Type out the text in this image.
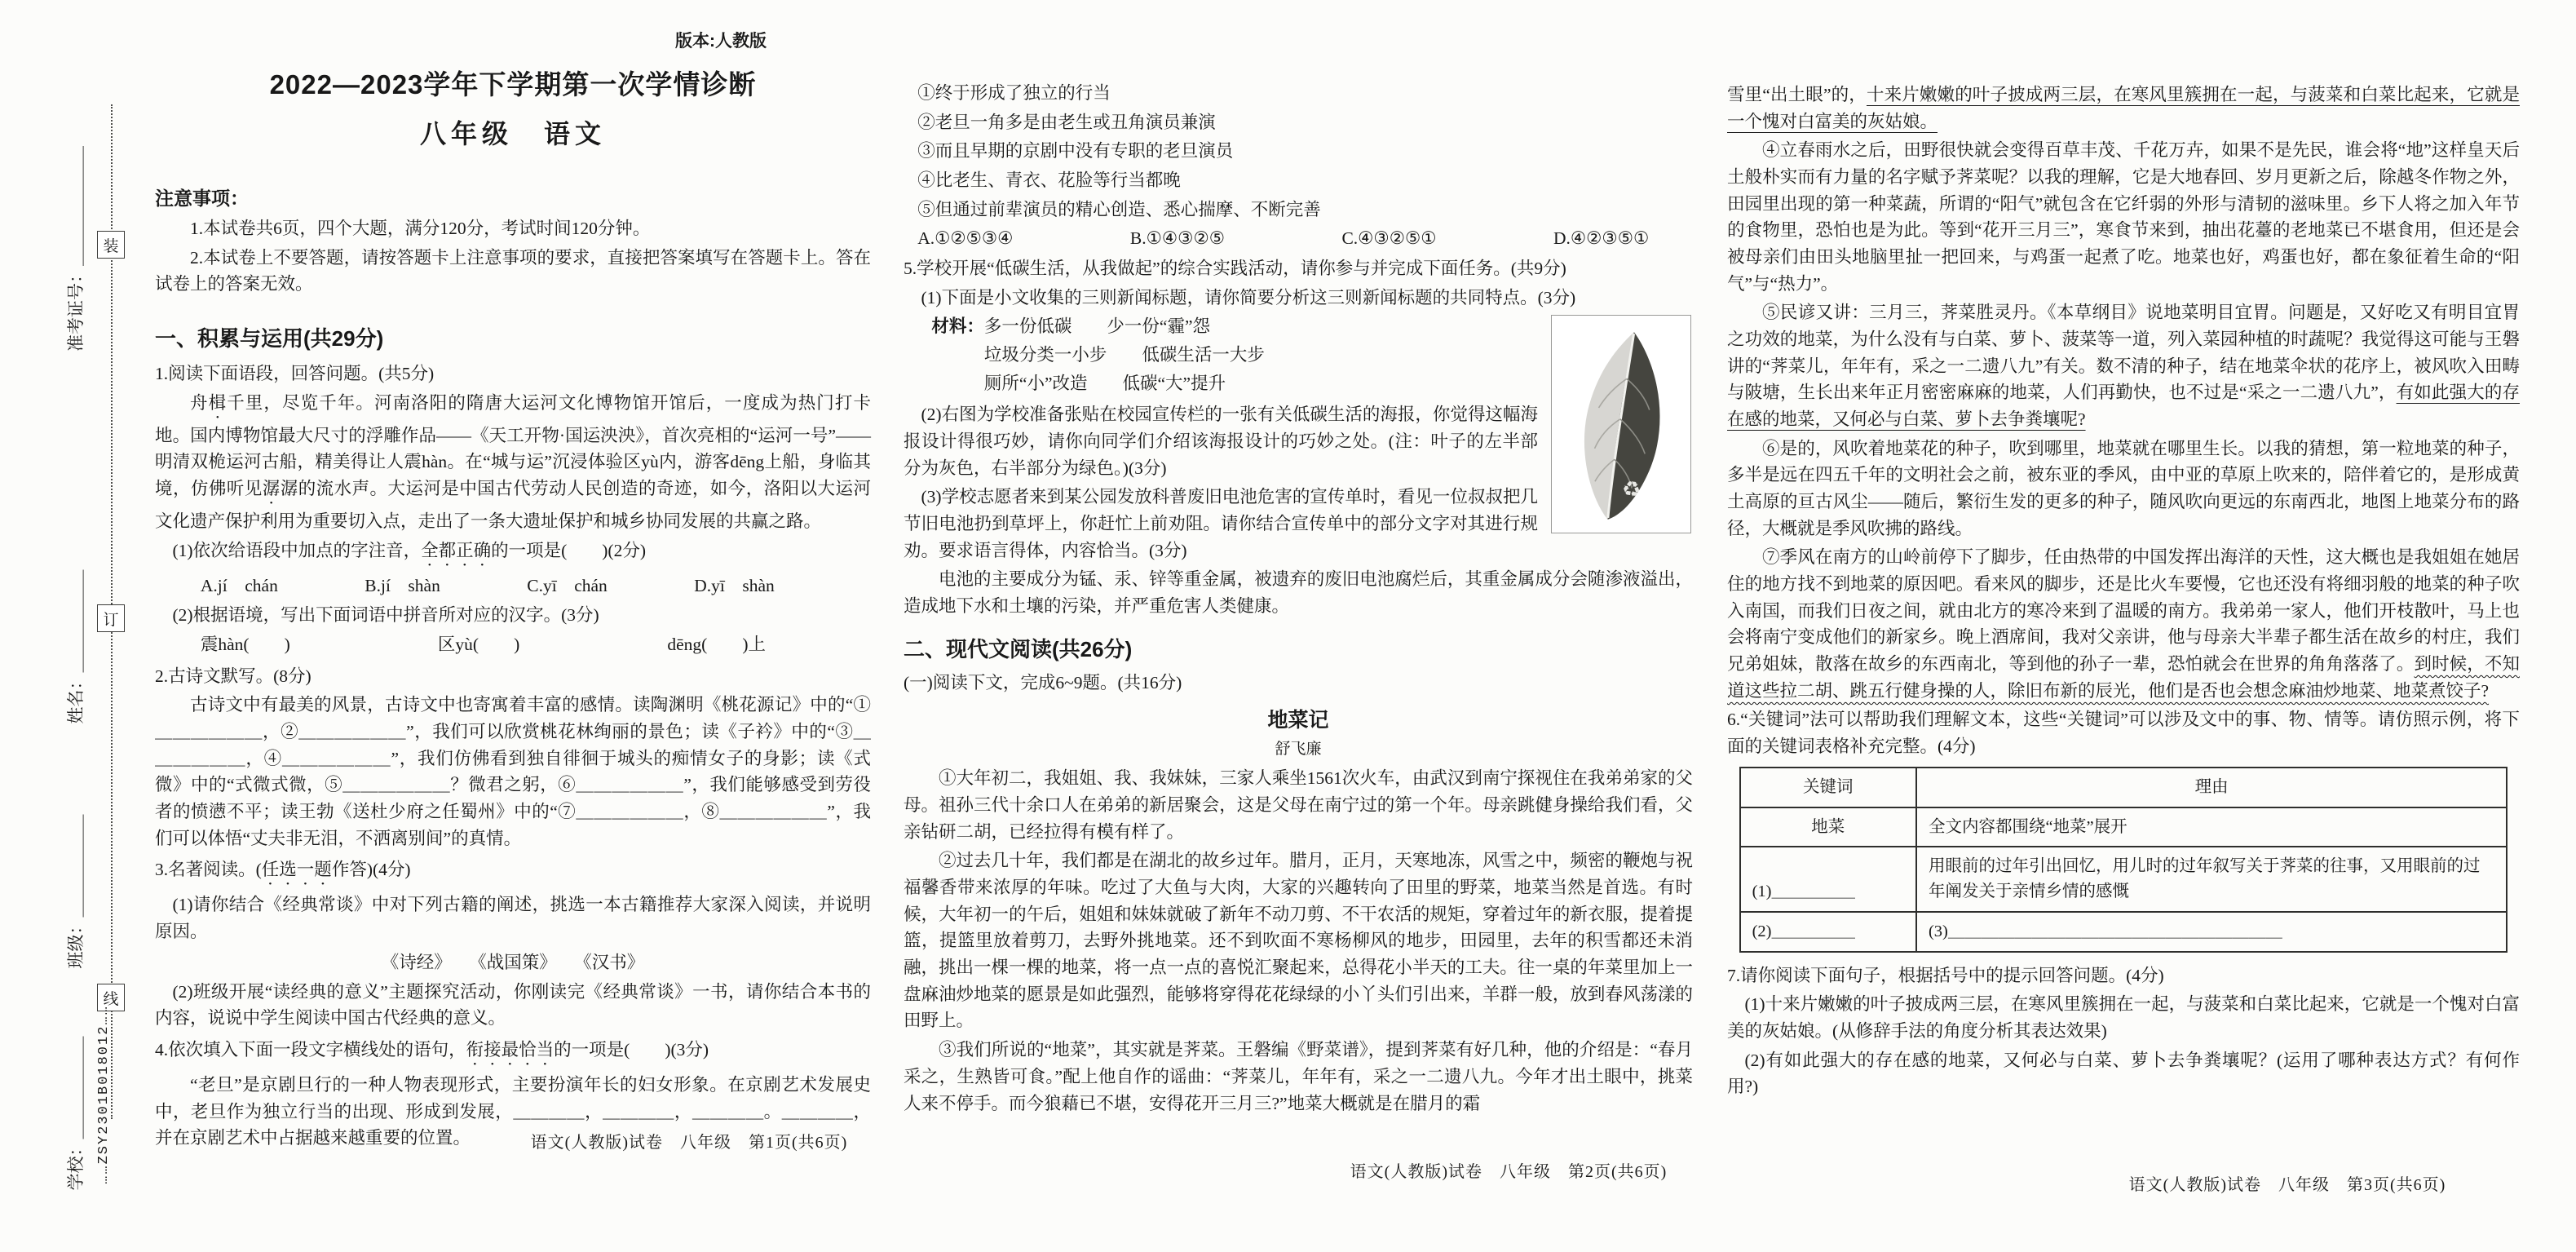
装
订
线
准考证号：＿＿＿＿＿＿＿
姓名：＿＿＿＿＿＿
班级：＿＿＿＿＿＿
学校：＿＿＿＿＿＿ ……ZSY2301B018012……
版本:人教版
2022—2023学年下学期第一次学情诊断
八年级　语文
注意事项：

1.本试卷共6页，四个大题，满分120分，考试时间120分钟。

2.本试卷上不要答题，请按答题卡上注意事项的要求，直接把答案填写在答题卡上。答在试卷上的答案无效。

一、积累与运用(共29分)

1.阅读下面语段，回答问题。(共5分)

舟楫千里，尽览千年。河南洛阳的隋唐大运河文化博物馆开馆后，一度成为热门打卡地。国内博物馆最大尺寸的浮雕作品——《天工开物·国运泱泱》，首次亮相的“运河一号”——明清双桅运河古船，精美得让人震hàn。在“城与运”沉浸体验区yù内，游客dēng上船，身临其境，仿佛听见潺潺的流水声。大运河是中国古代劳动人民创造的奇迹，如今，洛阳以大运河文化遗产保护利用为重要切入点，走出了一条大遗址保护和城乡协同发展的共赢之路。

(1)依次给语段中加点的字注音，全都正确的一项是(　　)(2分)

A.jí　chán	B.jí　shàn	C.yī　chán	D.yī　shàn

(2)根据语境，写出下面词语中拼音所对应的汉字。(3分)

震hàn(　　)	区yù(　　)	dēng(　　)上

2.古诗文默写。(8分)

古诗文中有最美的风景，古诗文中也寄寓着丰富的感情。读陶渊明《桃花源记》中的“①＿＿＿＿＿＿，②＿＿＿＿＿＿”，我们可以欣赏桃花林绚丽的景色；读《子衿》中的“③＿＿＿＿＿＿，④＿＿＿＿＿＿”，我们仿佛看到独自徘徊于城头的痴情女子的身影；读《式微》中的“式微式微，⑤＿＿＿＿＿＿？微君之躬，⑥＿＿＿＿＿＿”，我们能够感受到劳役者的愤懑不平；读王勃《送杜少府之任蜀州》中的“⑦＿＿＿＿＿＿，⑧＿＿＿＿＿＿”，我们可以体悟“丈夫非无泪，不洒离别间”的真情。

3.名著阅读。(任选一题作答)(4分)

(1)请你结合《经典常谈》中对下列古籍的阐述，挑选一本古籍推荐大家深入阅读，并说明原因。

《诗经》　　《战国策》　　《汉书》

(2)班级开展“读经典的意义”主题探究活动，你刚读完《经典常谈》一书，请你结合本书的内容，说说中学生阅读中国古代经典的意义。

4.依次填入下面一段文字横线处的语句，衔接最恰当的一项是(　　)(3分)

“老旦”是京剧旦行的一种人物表现形式，主要扮演年长的妇女形象。在京剧艺术发展史中，老旦作为独立行当的出现、形成到发展，＿＿＿＿，＿＿＿＿，＿＿＿＿。＿＿＿＿，并在京剧艺术中占据越来越重要的位置。	语文(人教版)试卷　八年级　第1页(共6页)

①终于形成了独立的行当

②老旦一角多是由老生或丑角演员兼演

③而且早期的京剧中没有专职的老旦演员

④比老生、青衣、花脸等行当都晚

⑤但通过前辈演员的精心创造、悉心揣摩、不断完善

A.①②⑤③④	B.①④③②⑤	C.④③②⑤①	D.④②③⑤①

5.学校开展“低碳生活，从我做起”的综合实践活动，请你参与并完成下面任务。(共9分)

(1)下面是小文收集的三则新闻标题，请你简要分析这三则新闻标题的共同特点。(3分)

♻
材料： 多一份低碳　　少一份“霾”怨

垃圾分类一小步　　低碳生活一大步

厕所“小”改造　　低碳“大”提升

(2)右图为学校准备张贴在校园宣传栏的一张有关低碳生活的海报，你觉得这幅海报设计得很巧妙，请你向同学们介绍该海报设计的巧妙之处。(注：叶子的左半部分为灰色，右半部分为绿色。)(3分)

(3)学校志愿者来到某公园发放科普废旧电池危害的宣传单时，看见一位叔叔把几节旧电池扔到草坪上，你赶忙上前劝阻。请你结合宣传单中的部分文字对其进行规劝。要求语言得体，内容恰当。(3分)

电池的主要成分为锰、汞、锌等重金属，被遗弃的废旧电池腐烂后，其重金属成分会随渗液溢出，造成地下水和土壤的污染，并严重危害人类健康。

二、现代文阅读(共26分)

(一)阅读下文，完成6~9题。(共16分)

地菜记
舒飞廉

①大年初二，我姐姐、我、我妹妹，三家人乘坐1561次火车，由武汉到南宁探视住在我弟弟家的父母。祖孙三代十余口人在弟弟的新居聚会，这是父母在南宁过的第一个年。母亲跳健身操给我们看，父亲钻研二胡，已经拉得有模有样了。

②过去几十年，我们都是在湖北的故乡过年。腊月，正月，天寒地冻，风雪之中，频密的鞭炮与祝福馨香带来浓厚的年味。吃过了大鱼与大肉，大家的兴趣转向了田里的野菜，地菜当然是首选。有时候，大年初一的午后，姐姐和妹妹就破了新年不动刀剪、不干农活的规矩，穿着过年的新衣服，提着提篮，提篮里放着剪刀，去野外挑地菜。还不到吹面不寒杨柳风的地步，田园里，去年的积雪都还未消融，挑出一棵一棵的地菜，将一点一点的喜悦汇聚起来，总得花小半天的工夫。往一桌的年菜里加上一盘麻油炒地菜的愿景是如此强烈，能够将穿得花花绿绿的小丫头们引出来，羊群一般，放到春风荡漾的田野上。

③我们所说的“地菜”，其实就是荠菜。王磐编《野菜谱》，提到荠菜有好几种，他的介绍是：“春月采之，生熟皆可食。”配上他自作的谣曲：“荠菜儿，年年有，采之一二遗八九。今年才出土眼中，挑菜人来不停手。而今狼藉已不堪，安得花开三月三?”地菜大概就是在腊月的霜

语文(人教版)试卷　八年级　第2页(共6页)

雪里“出土眼”的，十来片嫩嫩的叶子披成两三层，在寒风里簇拥在一起，与菠菜和白菜比起来，它就是一个愧对白富美的灰姑娘。

④立春雨水之后，田野很快就会变得百草丰茂、千花万卉，如果不是先民，谁会将“地”这样皇天后土般朴实而有力量的名字赋予荠菜呢？以我的理解，它是大地春回、岁月更新之后，除越冬作物之外，田园里出现的第一种菜蔬，所谓的“阳气”就包含在它纤弱的外形与清韧的滋味里。乡下人将之加入年节的食物里，恐怕也是为此。等到“花开三月三”，寒食节来到，抽出花薹的老地菜已不堪食用，但还是会被母亲们由田头地脑里扯一把回来，与鸡蛋一起煮了吃。地菜也好，鸡蛋也好，都在象征着生命的“阳气”与“热力”。

⑤民谚又讲：三月三，荠菜胜灵丹。《本草纲目》说地菜明目宜胃。问题是，又好吃又有明目宜胃之功效的地菜，为什么没有与白菜、萝卜、菠菜等一道，列入菜园种植的时蔬呢？我觉得这可能与王磐讲的“荠菜儿，年年有，采之一二遗八九”有关。数不清的种子，结在地菜伞状的花序上，被风吹入田畴与陂塘，生长出来年正月密密麻麻的地菜，人们再勤快，也不过是“采之一二遗八九”，有如此强大的存在感的地菜，又何必与白菜、萝卜去争粪壤呢?

⑥是的，风吹着地菜花的种子，吹到哪里，地菜就在哪里生长。以我的猜想，第一粒地菜的种子，多半是远在四五千年的文明社会之前，被东亚的季风，由中亚的草原上吹来的，陪伴着它的，是形成黄土高原的亘古风尘——随后，繁衍生发的更多的种子，随风吹向更远的东南西北，地图上地菜分布的路径，大概就是季风吹拂的路线。

⑦季风在南方的山岭前停下了脚步，任由热带的中国发挥出海洋的天性，这大概也是我姐姐在她居住的地方找不到地菜的原因吧。看来风的脚步，还是比火车要慢，它也还没有将细羽般的地菜的种子吹入南国，而我们日夜之间，就由北方的寒冷来到了温暖的南方。我弟弟一家人，他们开枝散叶，马上也会将南宁变成他们的新家乡。晚上酒席间，我对父亲讲，他与母亲大半辈子都生活在故乡的村庄，我们兄弟姐妹，散落在故乡的东西南北，等到他的孙子一辈，恐怕就会在世界的角角落落了。到时候，不知道这些拉二胡、跳五行健身操的人，除旧布新的辰光，他们是否也会想念麻油炒地菜、地菜煮饺子?

6.“关键词”法可以帮助我们理解文本，这些“关键词”可以涉及文中的事、物、情等。请仿照示例，将下面的关键词表格补充完整。(4分)

关键词	理由
地菜	全文内容都围绕“地菜”展开
(1)＿＿＿＿＿	用眼前的过年引出回忆，用儿时的过年叙写关于荠菜的往事，又用眼前的过年阐发关于亲情乡情的感慨
(2)＿＿＿＿＿	(3)＿＿＿＿＿＿＿＿＿＿＿＿＿＿＿＿＿＿＿＿

7.请你阅读下面句子，根据括号中的提示回答问题。(4分)

(1)十来片嫩嫩的叶子披成两三层，在寒风里簇拥在一起，与菠菜和白菜比起来，它就是一个愧对白富美的灰姑娘。(从修辞手法的角度分析其表达效果)

(2)有如此强大的存在感的地菜，又何必与白菜、萝卜去争粪壤呢？(运用了哪种表达方式？有何作用?)

语文(人教版)试卷　八年级　第3页(共6页)
